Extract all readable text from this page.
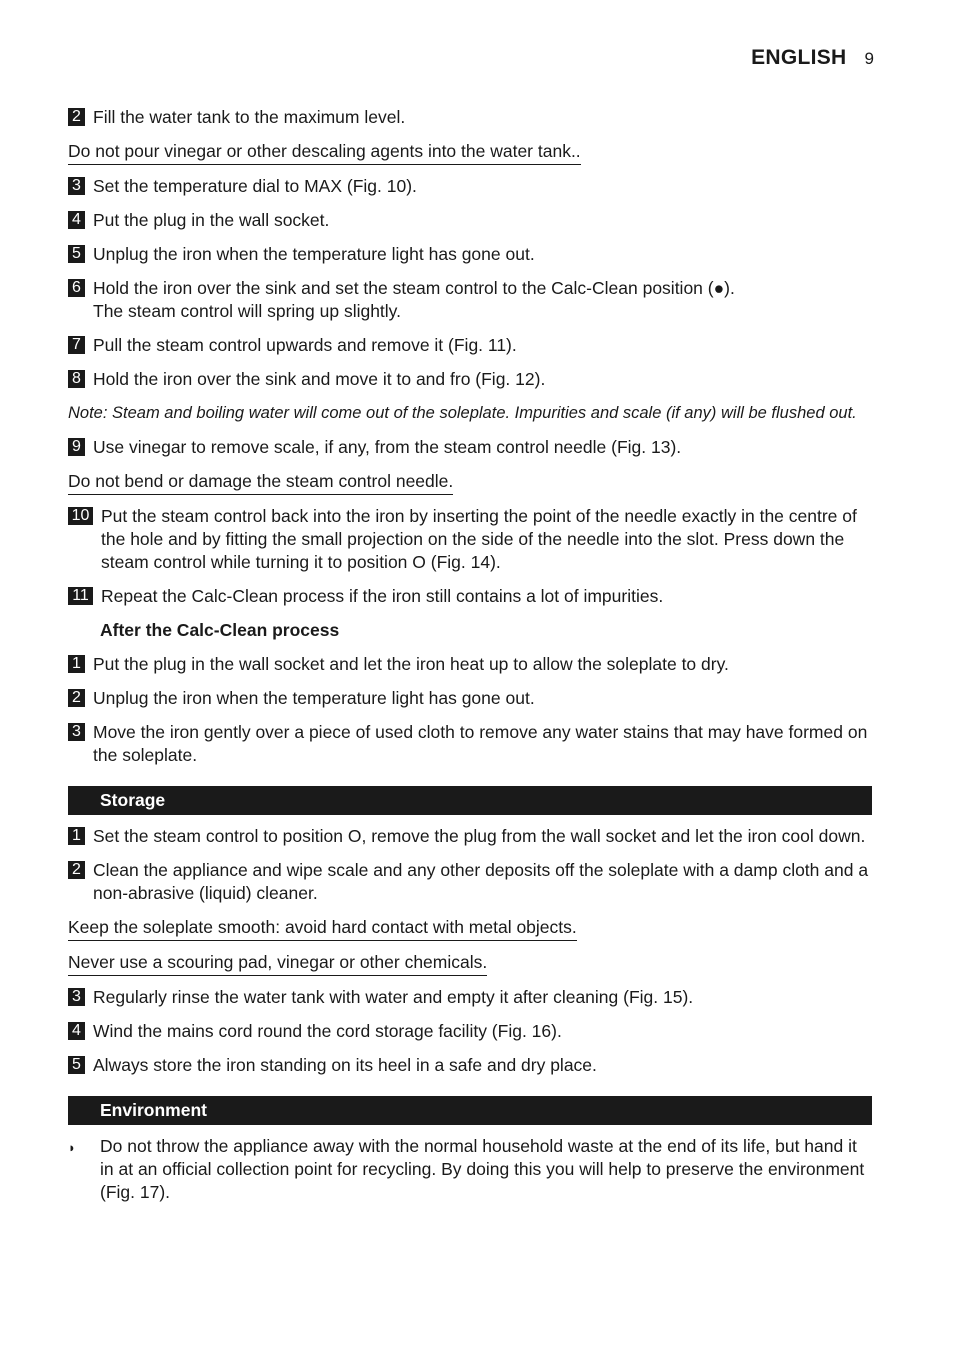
ENGLISH 9
2 Fill the water tank to the maximum level.
Do not pour vinegar or other descaling agents into the water tank..
3 Set the temperature dial to MAX (Fig. 10).
4 Put the plug in the wall socket.
5 Unplug the iron when the temperature light has gone out.
6 Hold the iron over the sink and set the steam control to the Calc-Clean position (●).
The steam control will spring up slightly.
7 Pull the steam control upwards and remove it (Fig. 11).
8 Hold the iron over the sink and move it to and fro (Fig. 12).
Note: Steam and boiling water will come out of the soleplate. Impurities and scale (if any) will be flushed out.
9 Use vinegar to remove scale, if any, from the steam control needle (Fig. 13).
Do not bend or damage the steam control needle.
10 Put the steam control back into the iron by inserting the point of the needle exactly in the centre of the hole and by fitting the small projection on the side of the needle into the slot. Press down the steam control while turning it to position O (Fig. 14).
11 Repeat the Calc-Clean process if the iron still contains a lot of impurities.
After the Calc-Clean process
1 Put the plug in the wall socket and let the iron heat up to allow the soleplate to dry.
2 Unplug the iron when the temperature light has gone out.
3 Move the iron gently over a piece of used cloth to remove any water stains that may have formed on the soleplate.
Storage
1 Set the steam control to position O, remove the plug from the wall socket and let the iron cool down.
2 Clean the appliance and wipe scale and any other deposits off the soleplate with a damp cloth and a non-abrasive (liquid) cleaner.
Keep the soleplate smooth: avoid hard contact with metal objects.
Never use a scouring pad, vinegar or other chemicals.
3 Regularly rinse the water tank with water and empty it after cleaning (Fig. 15).
4 Wind the mains cord round the cord storage facility (Fig. 16).
5 Always store the iron standing on its heel in a safe and dry place.
Environment
◗	Do not throw the appliance away with the normal household waste at the end of its life, but hand it in at an official collection point for recycling. By doing this you will help to preserve the environment (Fig. 17).
